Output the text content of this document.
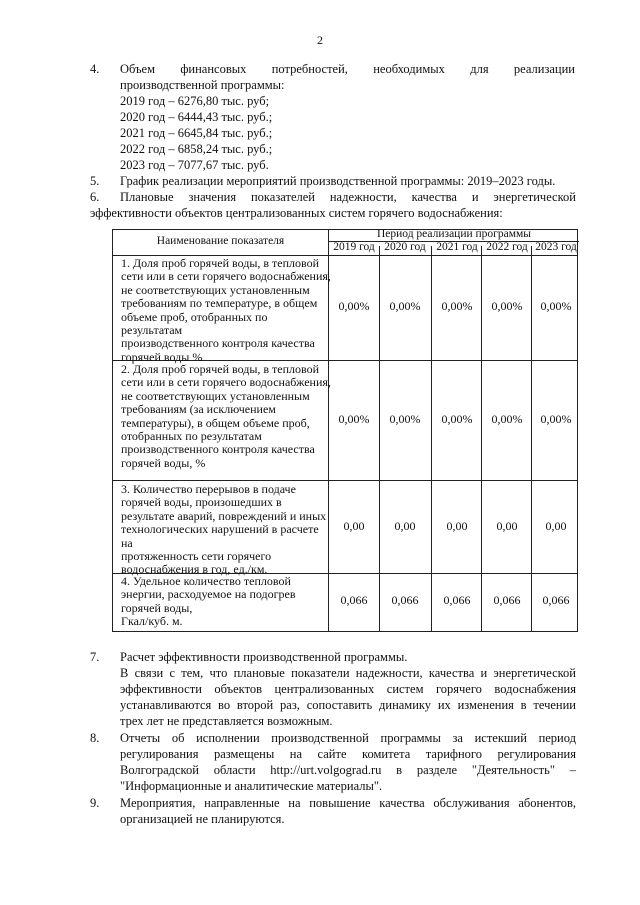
2
4. Объем финансовых потребностей, необходимых для реализации
производственной программы:
2019 год – 6276,80 тыс. руб;
2020 год – 6444,43 тыс. руб.;
2021 год – 6645,84 тыс. руб.;
2022 год – 6858,24 тыс. руб.;
2023 год – 7077,67 тыс. руб.
5. График реализации мероприятий производственной программы: 2019–2023 годы.
6. Плановые значения показателей надежности, качества и энергетической
эффективности объектов централизованных систем горячего водоснабжения:
Наименование показателя
Период реализации программы
2019 год 2020 год 2021 год 2022 год 2023 год
1. Доля проб горячей воды, в тепловой
сети или в сети горячего водоснабжения,
не соответствующих установленным
требованиям по температуре, в общем
объеме проб, отобранных по результатам
производственного контроля качества
горячей воды %
0,00%	0,00%	0,00%	0,00%	0,00%
2. Доля проб горячей воды, в тепловой
сети или в сети горячего водоснабжения,
не соответствующих установленным
требованиям (за исключением
температуры), в общем объеме проб,
отобранных по результатам
производственного контроля качества
горячей воды, %
0,00%	0,00%	0,00%	0,00%	0,00%
3. Количество перерывов в подаче
горячей воды, произошедших в
результате аварий, повреждений и иных
технологических нарушений в расчете на
протяженность сети горячего
водоснабжения в год, ед./км.
0,00	0,00	0,00	0,00	0,00
4. Удельное количество тепловой
энергии, расходуемое на подогрев
горячей воды,
Гкал/куб. м.
0,066	0,066	0,066	0,066	0,066
7. Расчет эффективности производственной программы.
В связи с тем, что плановые показатели надежности, качества и энергетической
эффективности объектов централизованных систем горячего водоснабжения
устанавливаются во второй раз, сопоставить динамику их изменения в течении
трех лет не представляется возможным.
8. Отчеты об исполнении производственной программы за истекший период
регулирования размещены на сайте комитета тарифного регулирования
Волгоградской области http://urt.volgograd.ru в разделе "Деятельность" –
"Информационные и аналитические материалы".
9. Мероприятия, направленные на повышение качества обслуживания абонентов,
организацией не планируются.
